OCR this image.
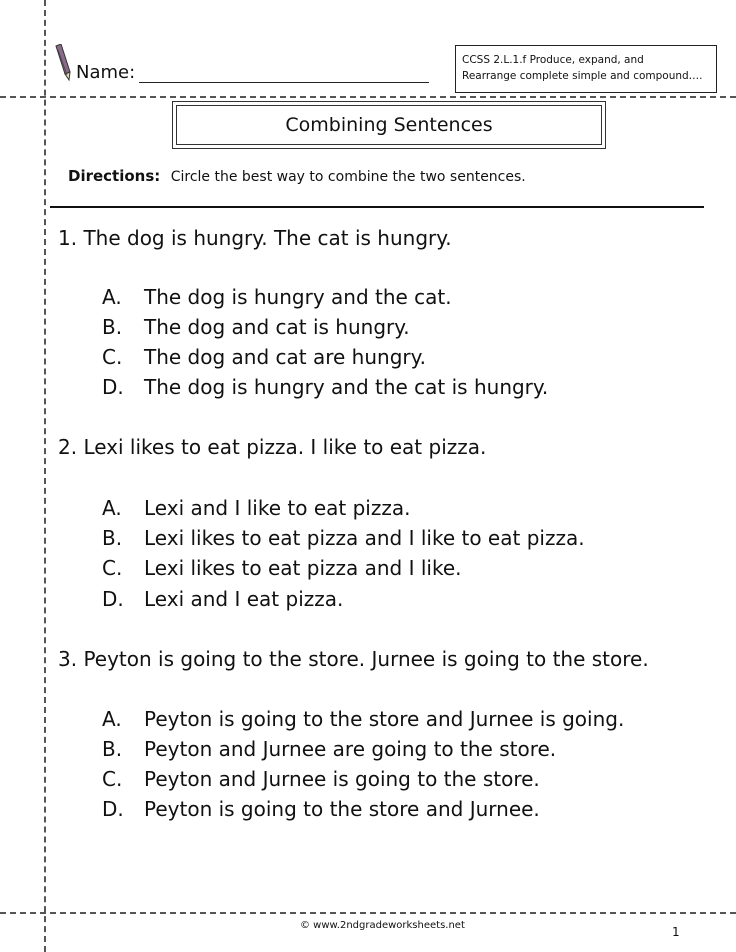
Name:
CCSS 2.L.1.f Produce, expand, and
Rearrange complete simple and compound….
Combining Sentences
Directions: Circle the best way to combine the two sentences.
1. The dog is hungry. The cat is hungry.
A.	The dog is hungry and the cat.
B.	The dog and cat is hungry.
C.	The dog and cat are hungry.
D.	The dog is hungry and the cat is hungry.
2. Lexi likes to eat pizza. I like to eat pizza.
A.	Lexi and I like to eat pizza.
B.	Lexi likes to eat pizza and I like to eat pizza.
C.	Lexi likes to eat pizza and I like.
D.	Lexi and I eat pizza.
3. Peyton is going to the store. Jurnee is going to the store.
A.	Peyton is going to the store and Jurnee is going.
B.	Peyton and Jurnee are going to the store.
C.	Peyton and Jurnee is going to the store.
D.	Peyton is going to the store and Jurnee.
© www.2ndgradeworksheets.net	1
